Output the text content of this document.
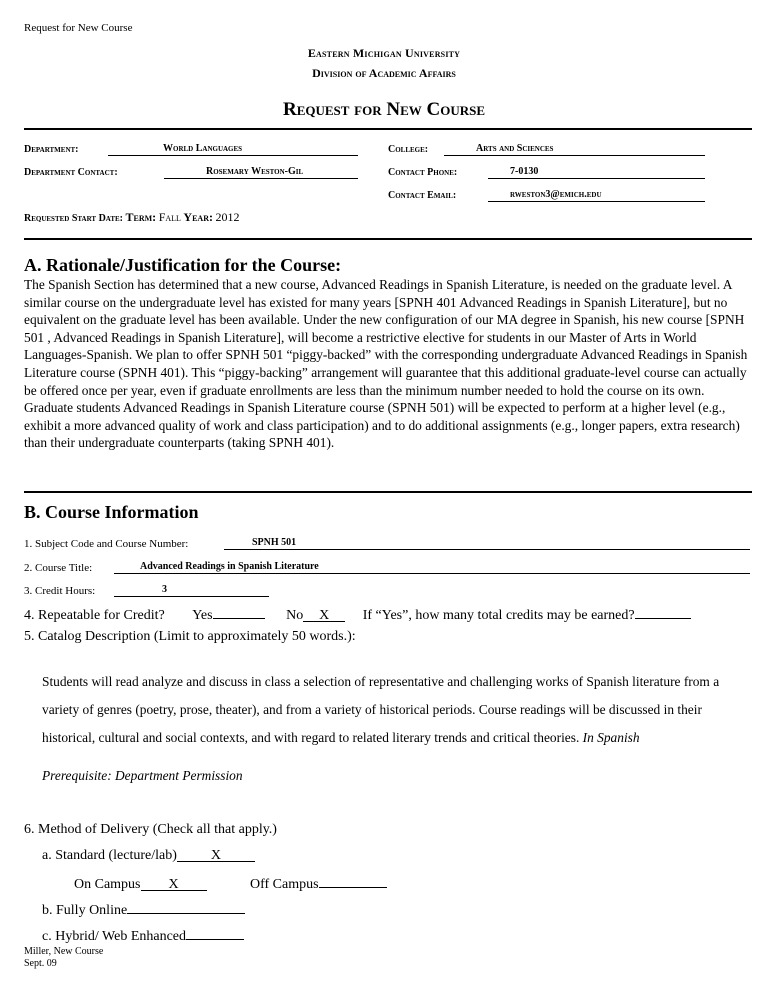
Request for New Course
Eastern Michigan University
Division of Academic Affairs
Request for New Course
Department:	World Languages	College:	Arts and Sciences
Department Contact:	Rosemary Weston-Gil	Contact Phone:	7-0130
Contact Email:	rweston3@emich.edu
Requested Start Date: Term: Fall Year: 2012
A. Rationale/Justification for the Course:
The Spanish Section has determined that a new course, Advanced Readings in Spanish Literature, is needed on the graduate level. A similar course on the undergraduate level has existed for many years [SPNH 401 Advanced Readings in Spanish Literature], but no equivalent on the graduate level has been available. Under the new configuration of our MA degree in Spanish, his new course [SPNH 501 , Advanced Readings in Spanish Literature], will become a restrictive elective for students in our Master of Arts in World Languages-Spanish. We plan to offer SPNH 501 “piggy-backed” with the corresponding undergraduate Advanced Readings in Spanish Literature course (SPNH 401). This “piggy-backing” arrangement will guarantee that this additional graduate-level course can actually be offered once per year, even if graduate enrollments are less than the minimum number needed to hold the course on its own. Graduate students Advanced Readings in Spanish Literature course (SPNH 501) will be expected to perform at a higher level (e.g., exhibit a more advanced quality of work and class participation) and to do additional assignments (e.g., longer papers, extra research) than their undergraduate counterparts (taking SPNH 401).
B. Course Information
1. Subject Code and Course Number:	SPNH 501
2. Course Title:	Advanced Readings in Spanish Literature
3. Credit Hours:	3
4. Repeatable for Credit? Yes	No X If “Yes”, how many total credits may be earned?
5. Catalog Description (Limit to approximately 50 words.):
Students will read analyze and discuss in class a selection of representative and challenging works of Spanish literature from a variety of genres (poetry, prose, theater), and from a variety of historical periods. Course readings will be discussed in their historical, cultural and social contexts, and with regard to related literary trends and critical theories. In Spanish
Prerequisite: Department Permission
6. Method of Delivery (Check all that apply.)
a. Standard (lecture/lab) X
On Campus X	Off Campus
b. Fully Online
c. Hybrid/ Web Enhanced
Miller, New Course
Sept. 09
